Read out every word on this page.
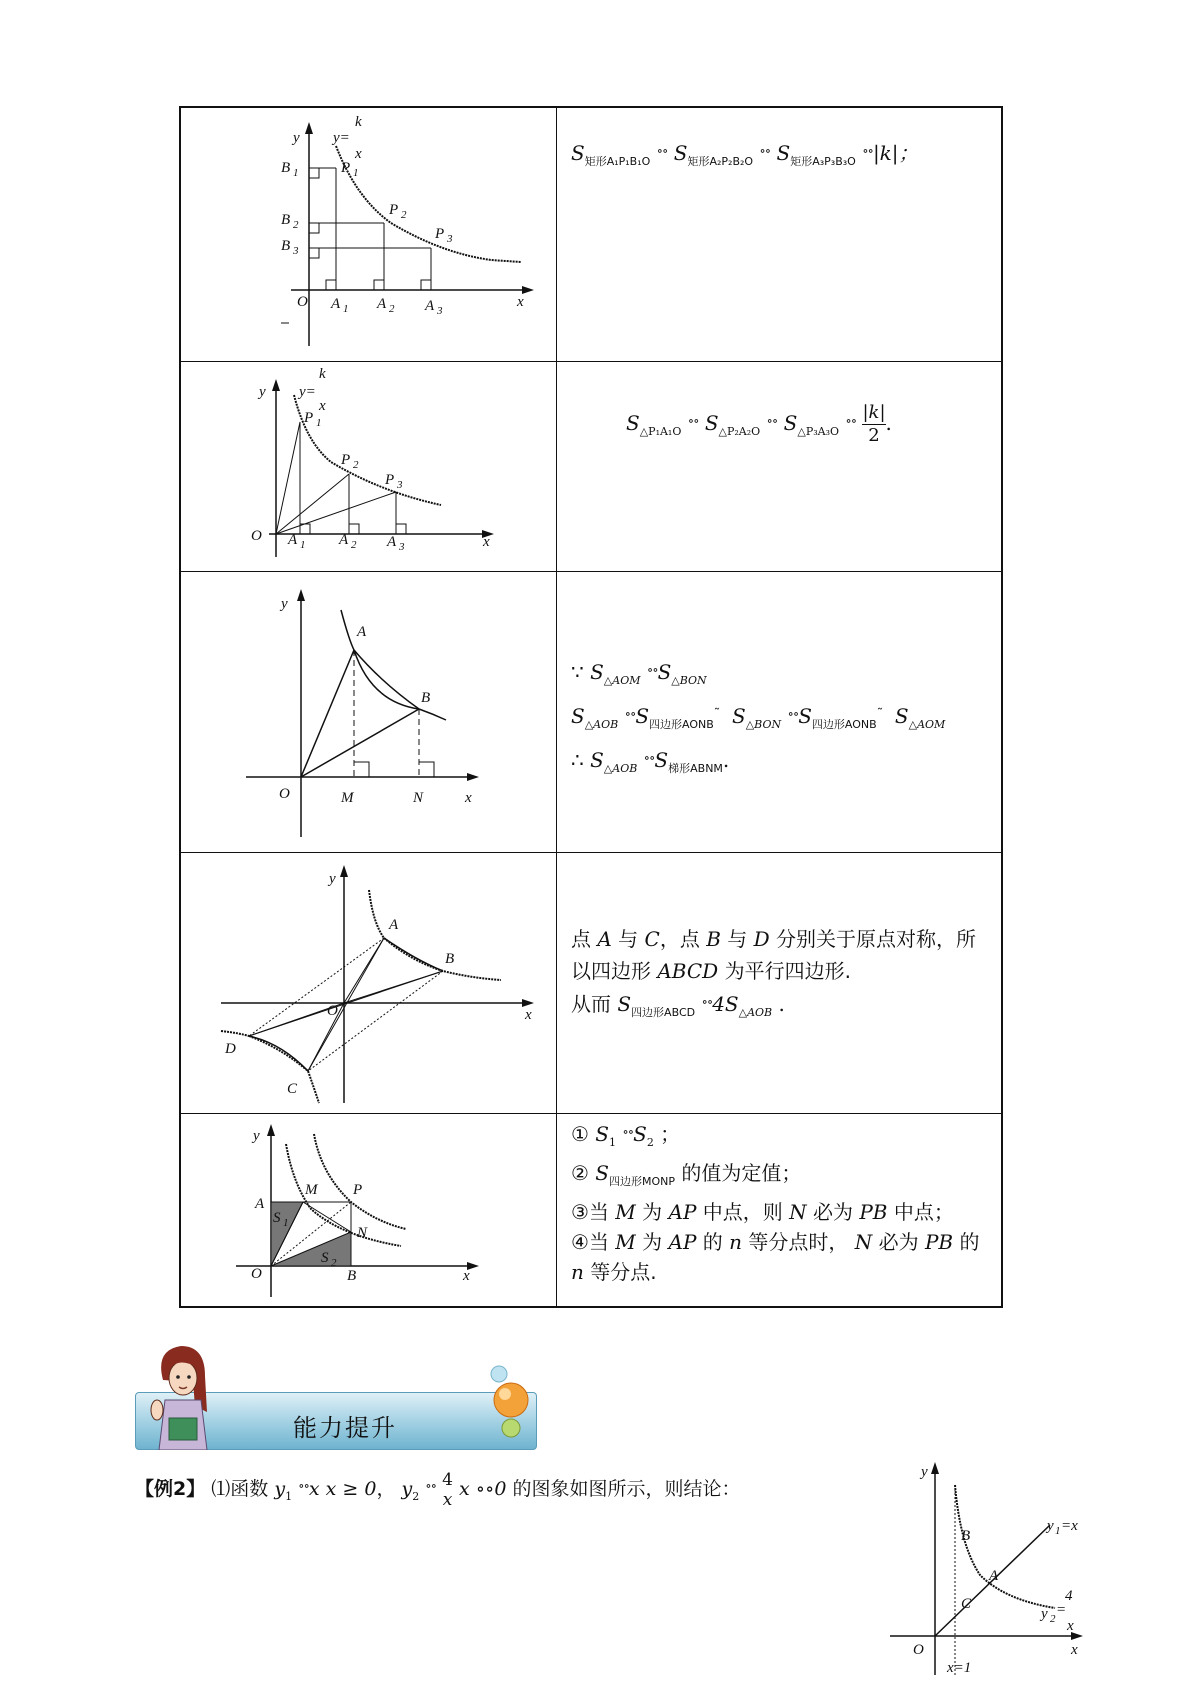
y y=
k
x
B 1
B 2
B 3
P 1
P 2
P 3
O A 1 A 2 A 3
x
$S_{矩形A_1P_1B_1O}$ ∘∘ $S_{矩形A_2P_2B_2O}$ ∘∘ $S_{矩形A_3P_3B_3O}$ ∘∘|k|；
y y=
k
x
P 1
P 2
P 3
O A 1 A 2 A 3	x
$S_{\triangle P_1A_1O}$ ∘∘ $S_{\triangle P_2A_2O}$ ∘∘ $S_{\triangle P_3A_3O}$ $^{\circ\circ} \frac{|k|}{2}$ .
y
A
B
O	M	N	x
∵ $S_{\triangle AOM}$ $^{\circ\circ}S_{\triangle BON}$
$S_{\triangle AOB}$ $^{\circ\circ}S_{四边形AONB}^˜$ $S_{\triangle BON}$ $^{\circ\circ}S_{四边形AONB}^˜$ $S_{\triangle AOM}$
∴ $S_{\triangle AOB}$ $^{\circ\circ}S_{梯形ABNM}$.
y
A
B
O	x
D
C
点 A 与 C，点 B 与 D 分别关于原点对称，所
以四边形 ABCD 为平行四边形.
从而 $S_{四边形ABCD}$ $^{\circ\circ}4S_{\triangle AOB}$ .
y
A
M P
S 1
N
S 2
O	B	x
① $S_1$ $^{\circ\circ}S_2$ ；
② $S_{四边形MONP}$ 的值为定值；
③当 M 为 AP 中点，则 N 必为 PB 中点；
④当 M 为 AP 的 n 等分点时， N 必为 PB 的
n 等分点.
能力提升
【例2】 ⑴函数 $y_1$ ∘∘x x ≥ 0， $y_2$ ∘∘ 4
x x ∘∘0 的图象如图所示，则结论：
y
B
A
C
y 1 =x
4
y 2
=
x
O	x
x=1
